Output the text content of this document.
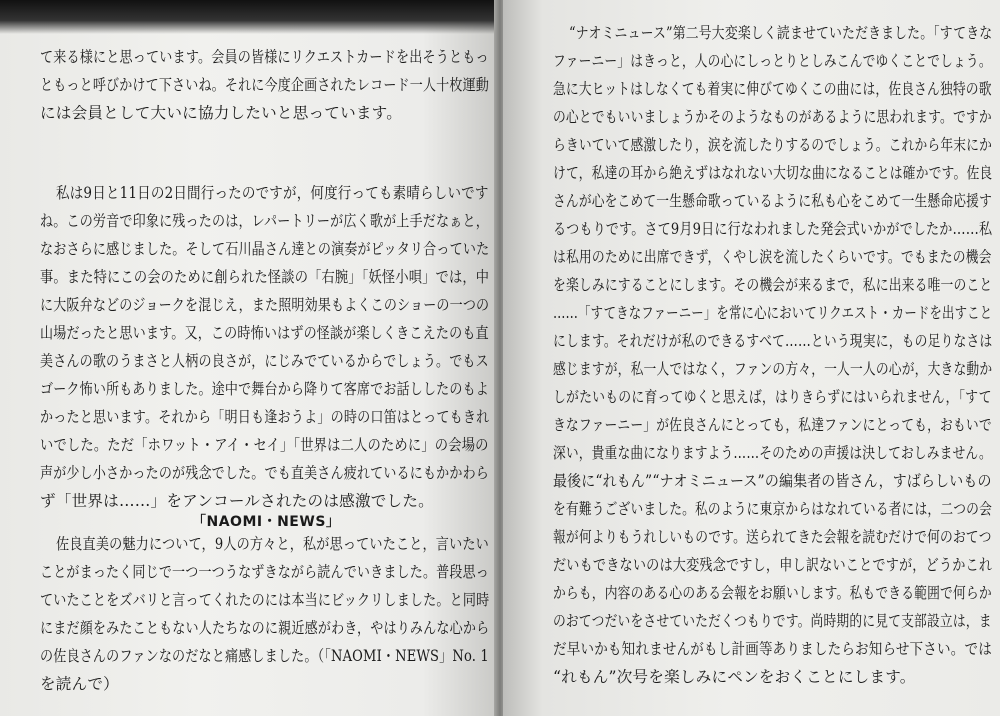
て来る様にと思っています。会員の皆様にリクエストカードを出そうともっ
ともっと呼びかけて下さいね。それに今度企画されたレコード一人十枚運動
には会員として大いに協力したいと思っています。
私は9日と11日の2日間行ったのですが，何度行っても素晴らしいです
ね。この労音で印象に残ったのは，レパートリーが広く歌が上手だなぁと，
なおさらに感じました。そして石川晶さん達との演奏がピッタリ合っていた
事。また特にこの会のために創られた怪談の「右腕」「妖怪小唄」では，中
に大阪弁などのジョークを混じえ，また照明効果もよくこのショーの一つの
山場だったと思います。又，この時怖いはずの怪談が楽しくきこえたのも直
美さんの歌のうまさと人柄の良さが，にじみでているからでしょう。でもス
ゴーク怖い所もありました。途中で舞台から降りて客席でお話ししたのもよ
かったと思います。それから「明日も逢おうよ」の時の口笛はとってもきれ
いでした。ただ「ホワット・アイ・セイ」「世界は二人のために」の会場の
声が少し小さかったのが残念でした。でも直美さん疲れているにもかかわら
ず「世界は……」をアンコールされたのは感激でした。
「NAOMI・NEWS」
佐良直美の魅力について，9人の方々と，私が思っていたこと，言いたい
ことがまったく同じで一つ一つうなずきながら読んでいきました。普段思っ
ていたことをズバリと言ってくれたのには本当にビックリしました。と同時
にまだ顔をみたこともない人たちなのに親近感がわき，やはりみんな心から
の佐良さんのファンなのだなと痛感しました。（「NAOMI・NEWS」No. 1
を読んで）
“ナオミニュース”第二号大変楽しく読ませていただきました。「すてきな
ファーニー」はきっと，人の心にしっとりとしみこんでゆくことでしょう。
急に大ヒットはしなくても着実に伸びてゆくこの曲には，佐良さん独特の歌
の心とでもいいましょうかそのようなものがあるように思われます。ですか
らきいていて感激したり，涙を流したりするのでしょう。これから年末にか
けて，私達の耳から絶えずはなれない大切な曲になることは確かです。佐良
さんが心をこめて一生懸命歌っているように私も心をこめて一生懸命応援す
るつもりです。さて9月9日に行なわれました発会式いかがでしたか……私
は私用のために出席できず，くやし涙を流したくらいです。でもまたの機会
を楽しみにすることにします。その機会が来るまで，私に出来る唯一のこと
……「すてきなファーニー」を常に心においてリクエスト・カードを出すこと
にします。それだけが私のできるすべて……という現実に，もの足りなさは
感じますが，私一人ではなく，ファンの方々，一人一人の心が，大きな動か
しがたいものに育ってゆくと思えば，はりきらずにはいられません，「すて
きなファーニー」が佐良さんにとっても，私達ファンにとっても，おもいで
深い，貴重な曲になりますよう……そのための声援は決しておしみません。
最後に“れもん”“ナオミニュース”の編集者の皆さん，すばらしいもの
を有難うございました。私のように東京からはなれている者には，二つの会
報が何よりもうれしいものです。送られてきた会報を読むだけで何のおてつ
だいもできないのは大変残念ですし，申し訳ないことですが，どうかこれ
からも，内容のある心のある会報をお願いします。私もできる範囲で何らか
のおてつだいをさせていただくつもりです。尚時期的に見て支部設立は，ま
だ早いかも知れませんがもし計画等ありましたらお知らせ下さい。では
“れもん”次号を楽しみにペンをおくことにします。
